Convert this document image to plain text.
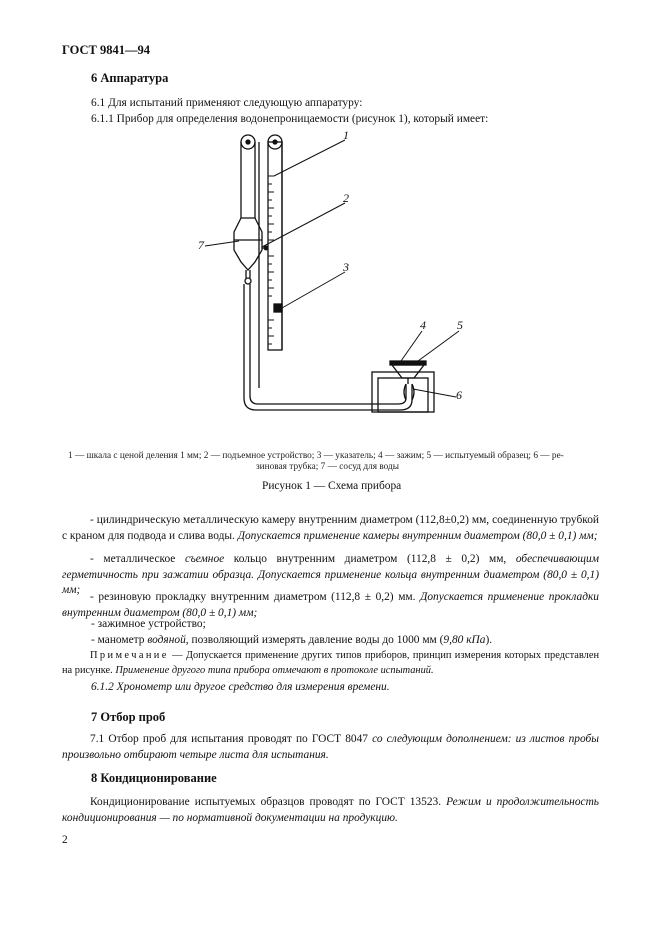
ГОСТ 9841—94
6 Аппаратура
6.1 Для испытаний применяют следующую аппаратуру:
6.1.1 Прибор для определения водонепроницаемости (рисунок 1), который имеет:
1
2
3
4	5
6
7
1 — шкала с ценой деления 1 мм; 2 — подъемное устройство; 3 — указатель; 4 — зажим; 5 — испытуемый образец; 6 — ре-
зиновая трубка; 7 — сосуд для воды
Рисунок 1 — Схема прибора
- цилиндрическую металлическую камеру внутренним диаметром (112,8±0,2) мм, соединенную трубкой с краном для подвода и слива воды. Допускается применение камеры внутренним диаметром (80,0 ± 0,1) мм;
- металлическое съемное кольцо внутренним диаметром (112,8 ± 0,2) мм, обеспечивающим герметичность при зажатии образца. Допускается применение кольца внутренним диаметром (80,0 ± 0,1) мм;
- резиновую прокладку внутренним диаметром (112,8 ± 0,2) мм. Допускается применение прокладки внутренним диаметром (80,0 ± 0,1) мм;
- зажимное устройство;
- манометр водяной, позволяющий измерять давление воды до 1000 мм (9,80 кПа).
Примечание — Допускается применение других типов приборов, принцип измерения которых представлен на рисунке. Применение другого типа прибора отмечают в протоколе испытаний.
6.1.2 Хронометр или другое средство для измерения времени.
7 Отбор проб
7.1 Отбор проб для испытания проводят по ГОСТ 8047 со следующим дополнением: из листов пробы произвольно отбирают четыре листа для испытания.
8 Кондиционирование
Кондиционирование испытуемых образцов проводят по ГОСТ 13523. Режим и продолжительность кондиционирования — по нормативной документации на продукцию.
2
